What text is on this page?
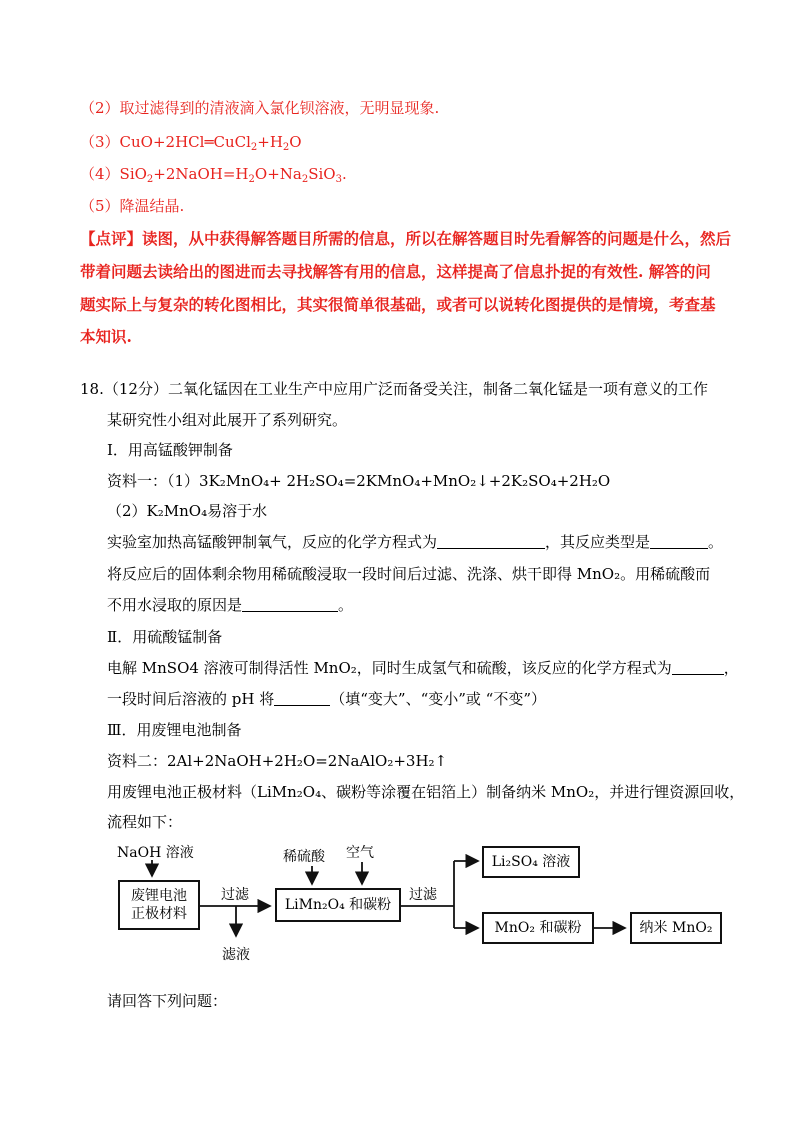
（2）取过滤得到的清液滴入氯化钡溶液，无明显现象.
$(3)CuO+2HCl═CuCl_2+H_2O$
$(4)SiO_2+2NaOH=H_2O+Na_2SiO_3$.
（5）降温结晶.
【点评】读图，从中获得解答题目所需的信息，所以在解答题目时先看解答的问题是什么，然后
带着问题去读给出的图进而去寻找解答有用的信息，这样提高了信息扑捉的有效性. 解答的问
题实际上与复杂的转化图相比，其实很简单很基础，或者可以说转化图提供的是情境，考查基
本知识.
18.（12分）二氧化锰因在工业生产中应用广泛而备受关注，制备二氧化锰是一项有意义的工作
某研究性小组对此展开了系列研究。
Ⅰ．用高锰酸钾制备
资料一：（1）3K₂MnO₄+ 2H₂SO₄=2KMnO₄+MnO₂↓+2K₂SO₄+2H₂O
（2）K₂MnO₄易溶于水
实验室加热高锰酸钾制氧气，反应的化学方程式为	，其反应类型是	。
将反应后的固体剩余物用稀硫酸浸取一段时间后过滤、洗涤、烘干即得 MnO₂。用稀硫酸而
不用水浸取的原因是	。
Ⅱ．用硫酸锰制备
电解 MnSO4 溶液可制得活性 MnO₂，同时生成氢气和硫酸，该反应的化学方程式为	，
一段时间后溶液的 pH 将	（填“变大”、“变小”或 “不变”）
Ⅲ．用废锂电池制备
资料二：2Al+2NaOH+2H₂O=2NaAlO₂+3H₂↑
用废锂电池正极材料（LiMn₂O₄、碳粉等涂覆在铝箔上）制备纳米 MnO₂，并进行锂资源回收，
流程如下：
NaOH 溶液
废锂电池
正极材料
过滤
滤液
稀硫酸 空气
LiMn₂O₄ 和碳粉
过滤
Li₂SO₄ 溶液
MnO₂ 和碳粉	纳米 MnO₂
请回答下列问题：
